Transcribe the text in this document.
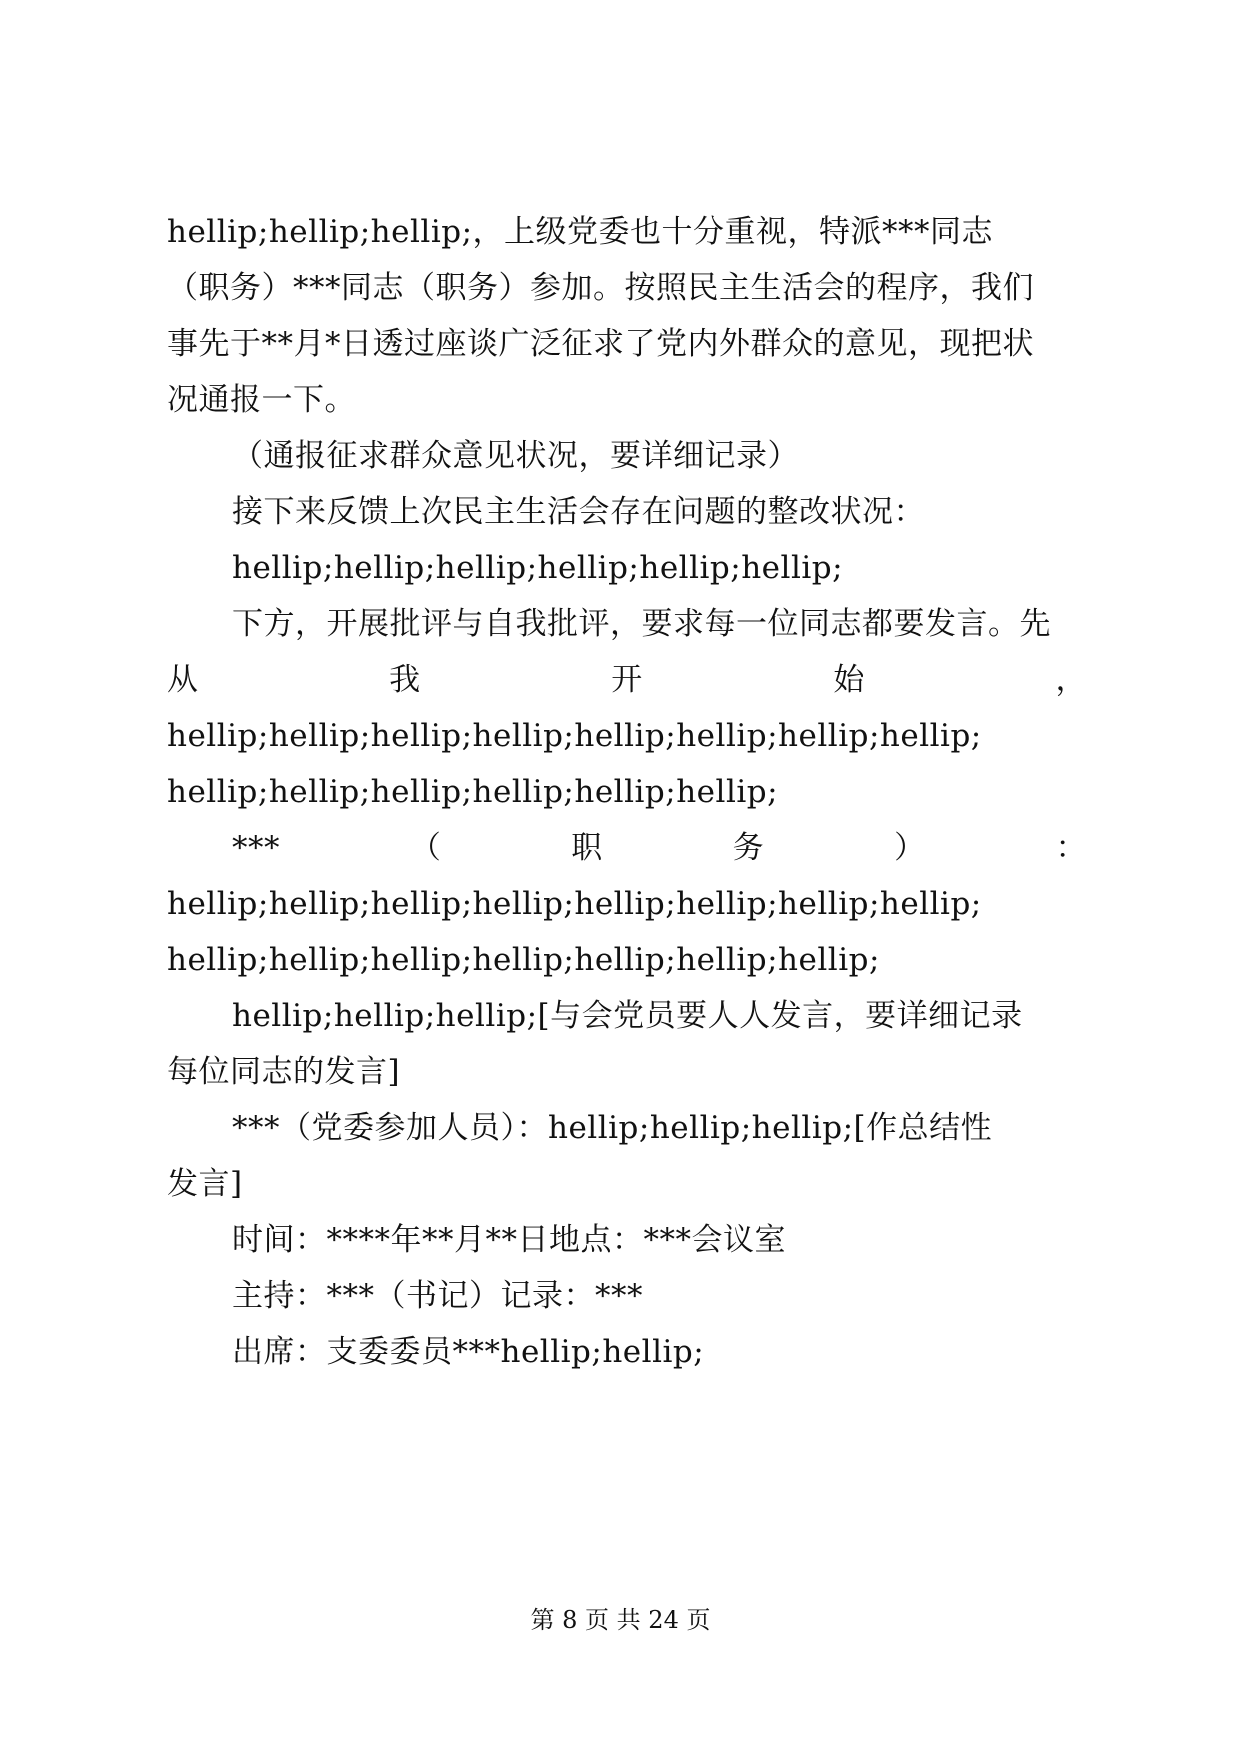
hellip;hellip;hellip;，上级党委也十分重视，特派***同志
（职务）***同志（职务）参加。按照民主生活会的程序，我们
事先于**月*日透过座谈广泛征求了党内外群众的意见，现把状
况通报一下。
（通报征求群众意见状况，要详细记录）
接下来反馈上次民主生活会存在问题的整改状况：
hellip;hellip;hellip;hellip;hellip;hellip;
下方，开展批评与自我批评，要求每一位同志都要发言。先
从	我	开	始	，
hellip;hellip;hellip;hellip;hellip;hellip;hellip;hellip;
hellip;hellip;hellip;hellip;hellip;hellip;
***	（	职	务	）	：
hellip;hellip;hellip;hellip;hellip;hellip;hellip;hellip;
hellip;hellip;hellip;hellip;hellip;hellip;hellip;
hellip;hellip;hellip;[与会党员要人人发言，要详细记录
每位同志的发言]
***（党委参加人员）：hellip;hellip;hellip;[作总结性
发言]
时间：****年**月**日地点：***会议室
主持：***（书记）记录：***
出席：支委委员***hellip;hellip;
第 8 页 共 24 页
